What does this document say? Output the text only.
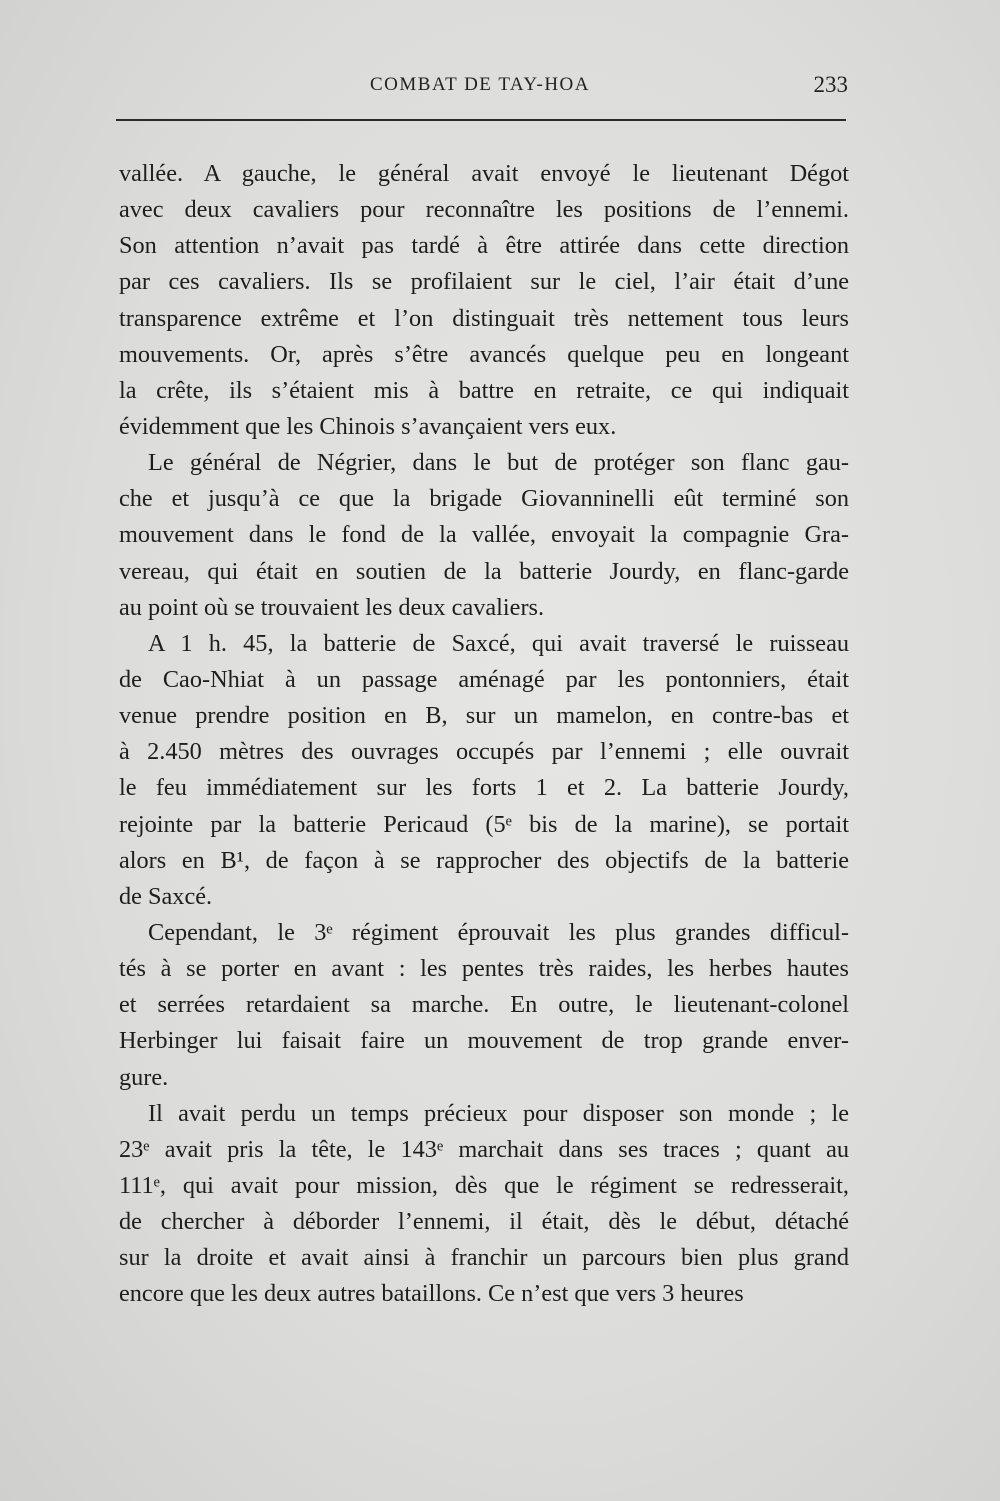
COMBAT DE TAY-HOA	233
vallée. A gauche, le général avait envoyé le lieutenant Dégot
avec deux cavaliers pour reconnaître les positions de l’ennemi.
Son attention n’avait pas tardé à être attirée dans cette direction
par ces cavaliers. Ils se profilaient sur le ciel, l’air était d’une
transparence extrême et l’on distinguait très nettement tous leurs
mouvements. Or, après s’être avancés quelque peu en longeant
la crête, ils s’étaient mis à battre en retraite, ce qui indiquait
évidemment que les Chinois s’avançaient vers eux.
Le général de Négrier, dans le but de protéger son flanc gau-
che et jusqu’à ce que la brigade Giovanninelli eût terminé son
mouvement dans le fond de la vallée, envoyait la compagnie Gra-
vereau, qui était en soutien de la batterie Jourdy, en flanc-garde
au point où se trouvaient les deux cavaliers.
A 1 h. 45, la batterie de Saxcé, qui avait traversé le ruisseau
de Cao-Nhiat à un passage aménagé par les pontonniers, était
venue prendre position en B, sur un mamelon, en contre-bas et
à 2.450 mètres des ouvrages occupés par l’ennemi ; elle ouvrait
le feu immédiatement sur les forts 1 et 2. La batterie Jourdy,
rejointe par la batterie Pericaud (5ᵉ bis de la marine), se portait
alors en B¹, de façon à se rapprocher des objectifs de la batterie
de Saxcé.
Cependant, le 3ᵉ régiment éprouvait les plus grandes difficul-
tés à se porter en avant : les pentes très raides, les herbes hautes
et serrées retardaient sa marche. En outre, le lieutenant-colonel
Herbinger lui faisait faire un mouvement de trop grande enver-
gure.
Il avait perdu un temps précieux pour disposer son monde ; le
23ᵉ avait pris la tête, le 143ᵉ marchait dans ses traces ; quant au
111ᵉ, qui avait pour mission, dès que le régiment se redresserait,
de chercher à déborder l’ennemi, il était, dès le début, détaché
sur la droite et avait ainsi à franchir un parcours bien plus grand
encore que les deux autres bataillons. Ce n’est que vers 3 heures
